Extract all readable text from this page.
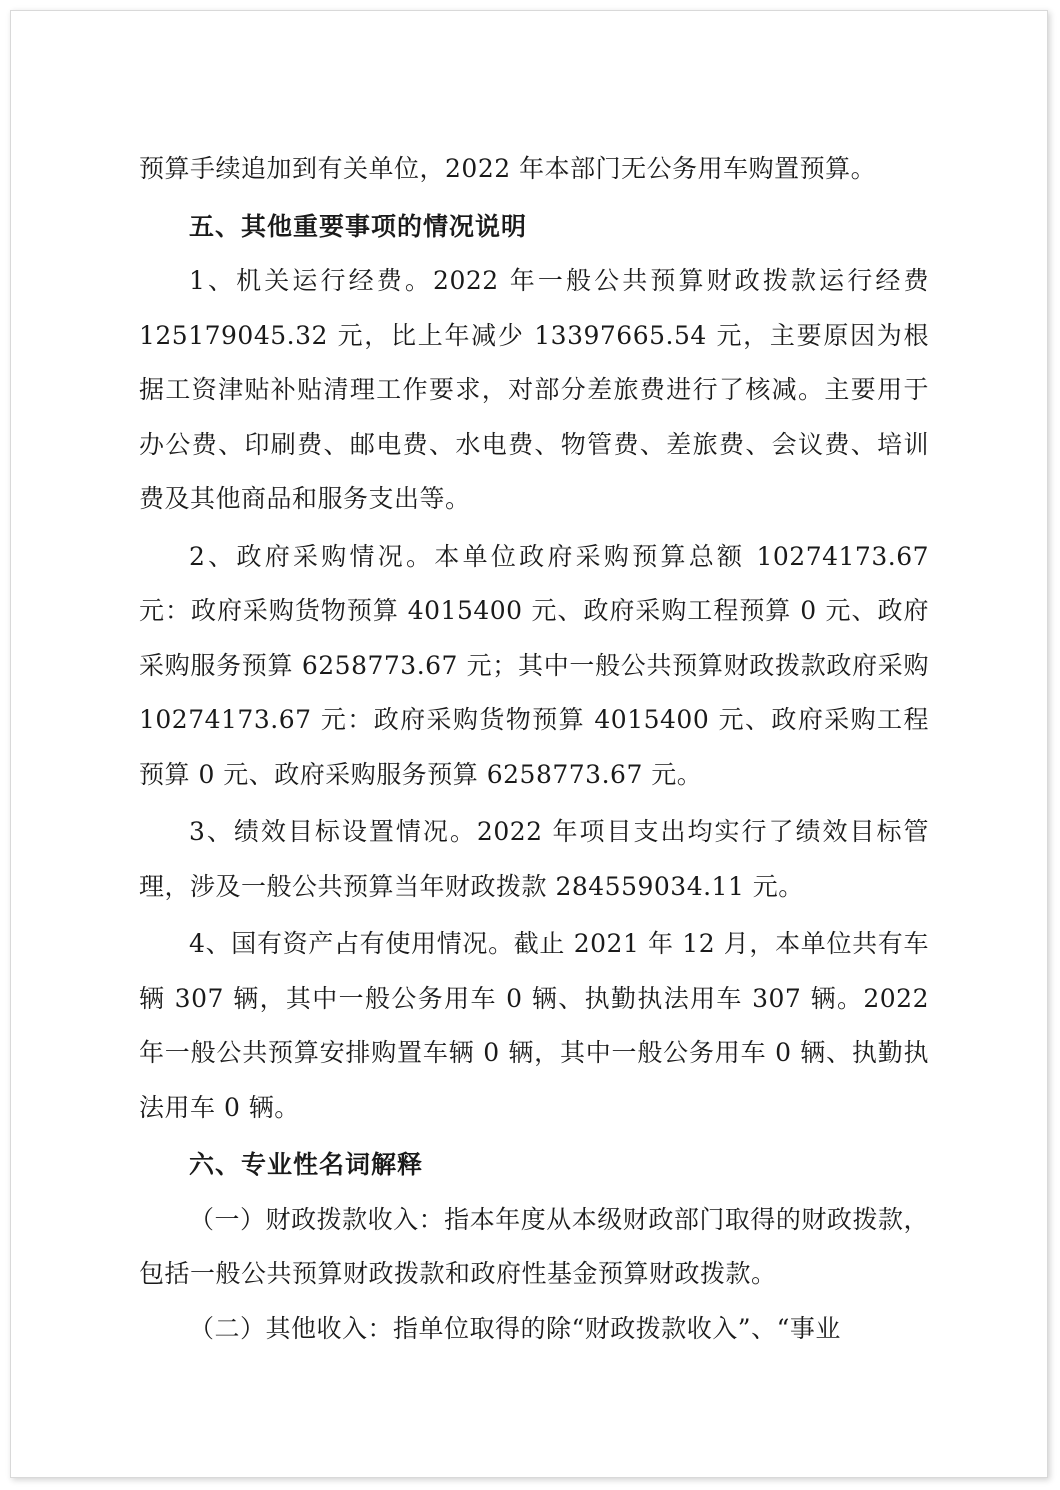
预算手续追加到有关单位，2022 年本部门无公务用车购置预算。

五、其他重要事项的情况说明

1、机关运行经费。2022 年一般公共预算财政拨款运行经费 125179045.32 元，比上年减少 13397665.54 元，主要原因为根据工资津贴补贴清理工作要求，对部分差旅费进行了核减。主要用于办公费、印刷费、邮电费、水电费、物管费、差旅费、会议费、培训费及其他商品和服务支出等。

2、政府采购情况。本单位政府采购预算总额 10274173.67 元：政府采购货物预算 4015400 元、政府采购工程预算 0 元、政府采购服务预算 6258773.67 元；其中一般公共预算财政拨款政府采购 10274173.67 元：政府采购货物预算 4015400 元、政府采购工程预算 0 元、政府采购服务预算 6258773.67 元。

3、绩效目标设置情况。2022 年项目支出均实行了绩效目标管理，涉及一般公共预算当年财政拨款 284559034.11 元。

4、国有资产占有使用情况。截止 2021 年 12 月，本单位共有车辆 307 辆，其中一般公务用车 0 辆、执勤执法用车 307 辆。2022 年一般公共预算安排购置车辆 0 辆，其中一般公务用车 0 辆、执勤执法用车 0 辆。

六、专业性名词解释

（一）财政拨款收入：指本年度从本级财政部门取得的财政拨款，包括一般公共预算财政拨款和政府性基金预算财政拨款。

（二）其他收入：指单位取得的除“财政拨款收入”、“事业
